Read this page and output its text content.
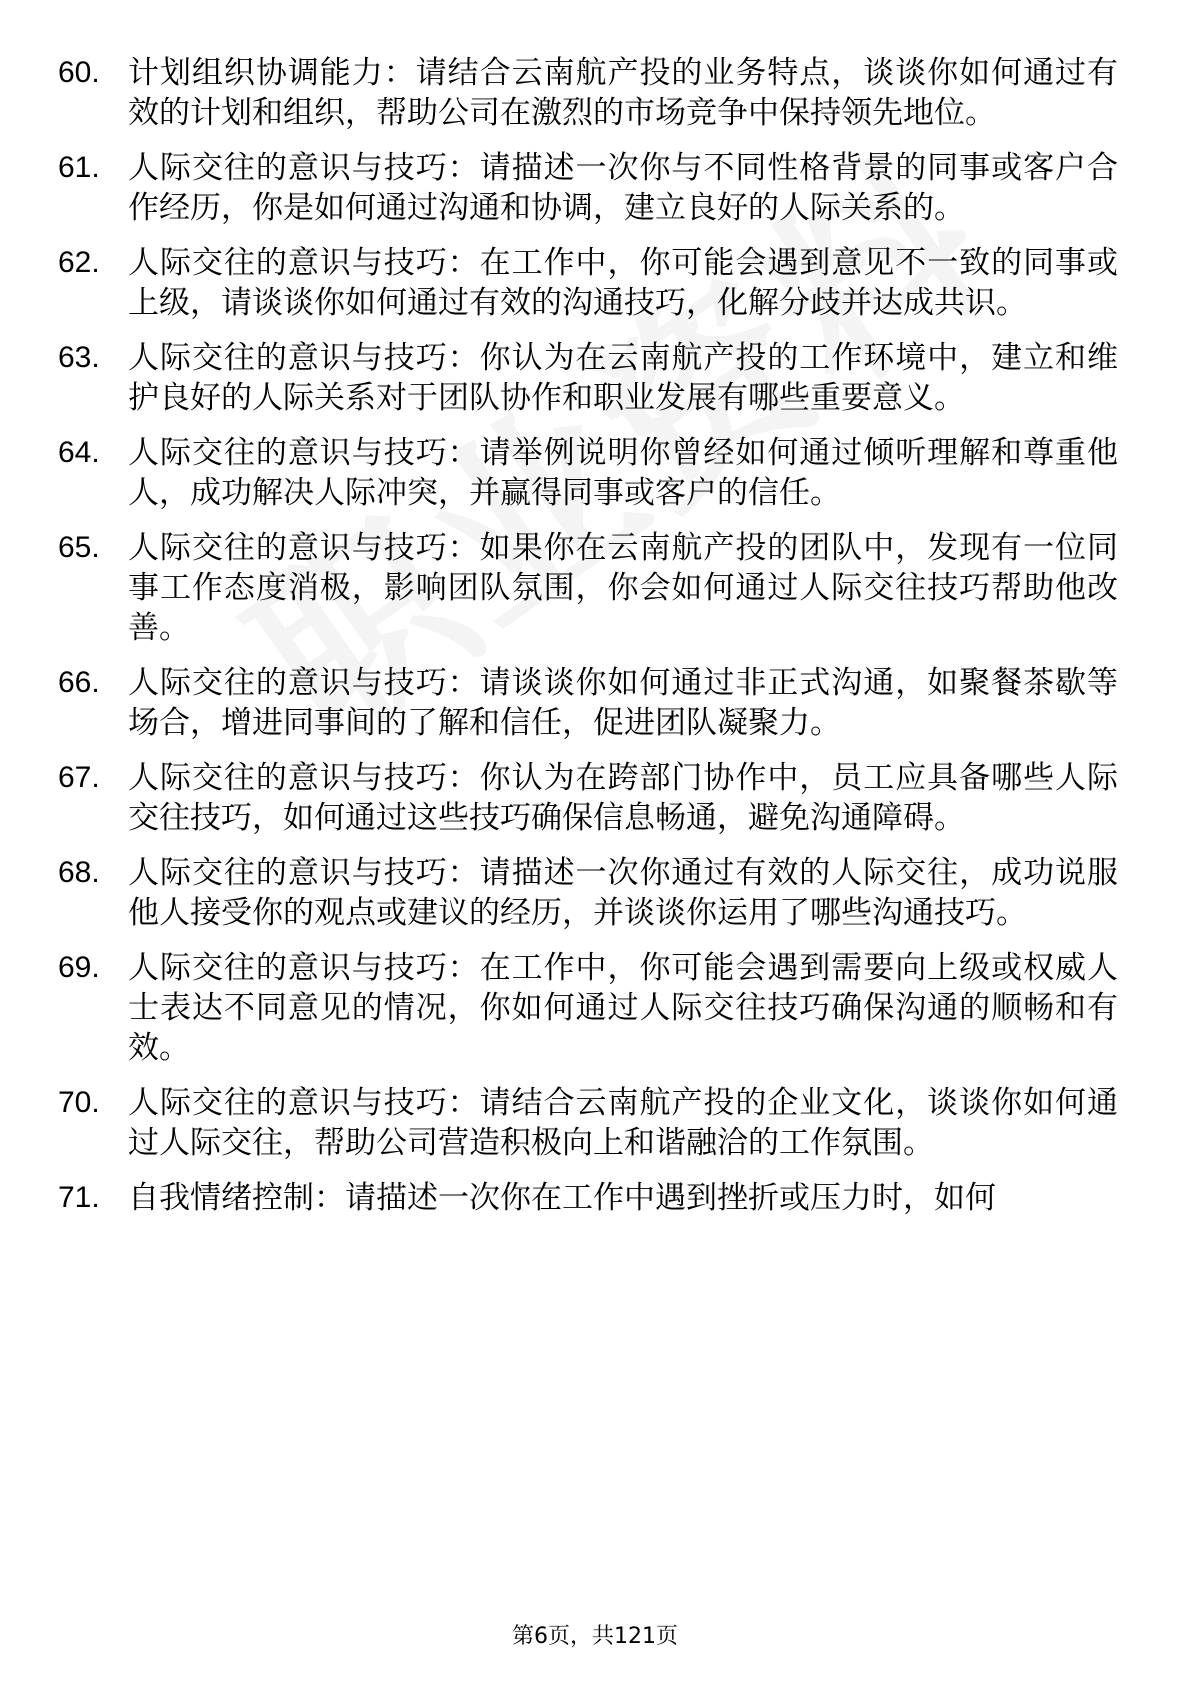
60. 计划组织协调能力：请结合云南航产投的业务特点，谈谈你如何通过有效的计划和组织，帮助公司在激烈的市场竞争中保持领先地位。
61. 人际交往的意识与技巧：请描述一次你与不同性格背景的同事或客户合作经历，你是如何通过沟通和协调，建立良好的人际关系的。
62. 人际交往的意识与技巧：在工作中，你可能会遇到意见不一致的同事或上级，请谈谈你如何通过有效的沟通技巧，化解分歧并达成共识。
63. 人际交往的意识与技巧：你认为在云南航产投的工作环境中，建立和维护良好的人际关系对于团队协作和职业发展有哪些重要意义。
64. 人际交往的意识与技巧：请举例说明你曾经如何通过倾听理解和尊重他人，成功解决人际冲突，并赢得同事或客户的信任。
65. 人际交往的意识与技巧：如果你在云南航产投的团队中，发现有一位同事工作态度消极，影响团队氛围，你会如何通过人际交往技巧帮助他改善。
66. 人际交往的意识与技巧：请谈谈你如何通过非正式沟通，如聚餐茶歇等场合，增进同事间的了解和信任，促进团队凝聚力。
67. 人际交往的意识与技巧：你认为在跨部门协作中，员工应具备哪些人际交往技巧，如何通过这些技巧确保信息畅通，避免沟通障碍。
68. 人际交往的意识与技巧：请描述一次你通过有效的人际交往，成功说服他人接受你的观点或建议的经历，并谈谈你运用了哪些沟通技巧。
69. 人际交往的意识与技巧：在工作中，你可能会遇到需要向上级或权威人士表达不同意见的情况，你如何通过人际交往技巧确保沟通的顺畅和有效。
70. 人际交往的意识与技巧：请结合云南航产投的企业文化，谈谈你如何通过人际交往，帮助公司营造积极向上和谐融洽的工作氛围。
71. 自我情绪控制：请描述一次你在工作中遇到挫折或压力时，如何
第6页，共121页
